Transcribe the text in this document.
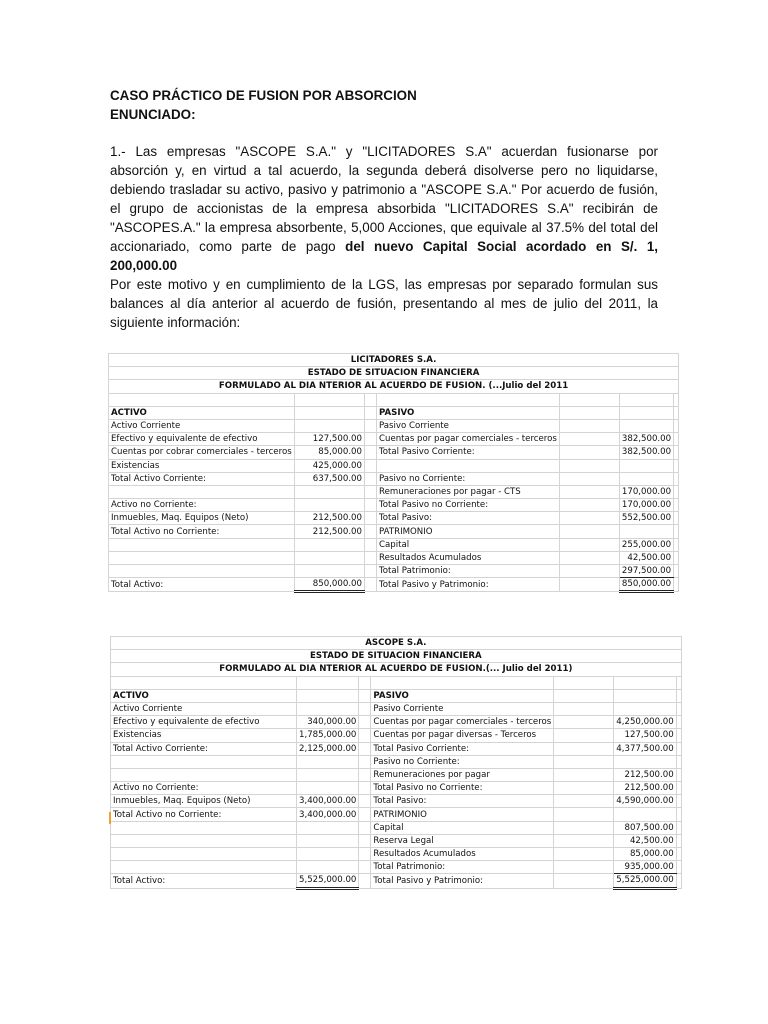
CASO PRÁCTICO DE FUSION POR ABSORCION

ENUNCIADO:

1.- Las empresas "ASCOPE S.A." y "LICITADORES S.A" acuerdan fusionarse por absorción y, en virtud a tal acuerdo, la segunda deberá disolverse pero no liquidarse, debiendo trasladar su activo, pasivo y patrimonio a "ASCOPE S.A." Por acuerdo de fusión, el grupo de accionistas de la empresa absorbida "LICITADORES S.A" recibirán de "ASCOPES.A." la empresa absorbente, 5,000 Acciones, que equivale al 37.5% del total del accionariado, como parte de pago del nuevo Capital Social acordado en S/. 1, 200,000.00

Por este motivo y en cumplimiento de la LGS, las empresas por separado formulan sus balances al día anterior al acuerdo de fusión, presentando al mes de julio del 2011, la siguiente información:

LICITADORES S.A.						
ESTADO DE SITUACION FINANCIERA						
FORMULADO AL DIA NTERIOR AL ACUERDO DE FUSION. (...Julio del 2011						

ACTIVO			PASIVO			
Activo Corriente			Pasivo Corriente			
Efectivo y equivalente de efectivo	127,500.00		Cuentas por pagar comerciales - terceros		382,500.00	
Cuentas por cobrar comerciales - terceros	85,000.00		Total Pasivo Corriente:		382,500.00	
Existencias	425,000.00					
Total Activo Corriente:	637,500.00		Pasivo no Corriente:			
			Remuneraciones por pagar - CTS		170,000.00	
Activo no Corriente:			Total Pasivo no Corriente:		170,000.00	
Inmuebles, Maq. Equipos (Neto)	212,500.00		Total Pasivo:		552,500.00	
Total Activo no Corriente:	212,500.00		PATRIMONIO			
			Capital		255,000.00	
			Resultados Acumulados		42,500.00	
			Total Patrimonio:		297,500.00	
Total Activo:	850,000.00		Total Pasivo y Patrimonio:		850,000.00	
ASCOPE S.A.						
ESTADO DE SITUACION FINANCIERA						
FORMULADO AL DIA NTERIOR AL ACUERDO DE FUSION.(... Julio del 2011)						

ACTIVO			PASIVO			
Activo Corriente			Pasivo Corriente			
Efectivo y equivalente de efectivo	340,000.00		Cuentas por pagar comerciales - terceros		4,250,000.00	
Existencias	1,785,000.00		Cuentas por pagar diversas - Terceros		127,500.00	
Total Activo Corriente:	2,125,000.00		Total Pasivo Corriente:		4,377,500.00	
			Pasivo no Corriente:			
			Remuneraciones por pagar		212,500.00	
Activo no Corriente:			Total Pasivo no Corriente:		212,500.00	
Inmuebles, Maq. Equipos (Neto)	3,400,000.00		Total Pasivo:		4,590,000.00	
Total Activo no Corriente:	3,400,000.00		PATRIMONIO			
			Capital		807,500.00	
			Reserva Legal		42,500.00	
			Resultados Acumulados		85,000.00	
			Total Patrimonio:		935,000.00	
Total Activo:	5,525,000.00		Total Pasivo y Patrimonio:		5,525,000.00	
